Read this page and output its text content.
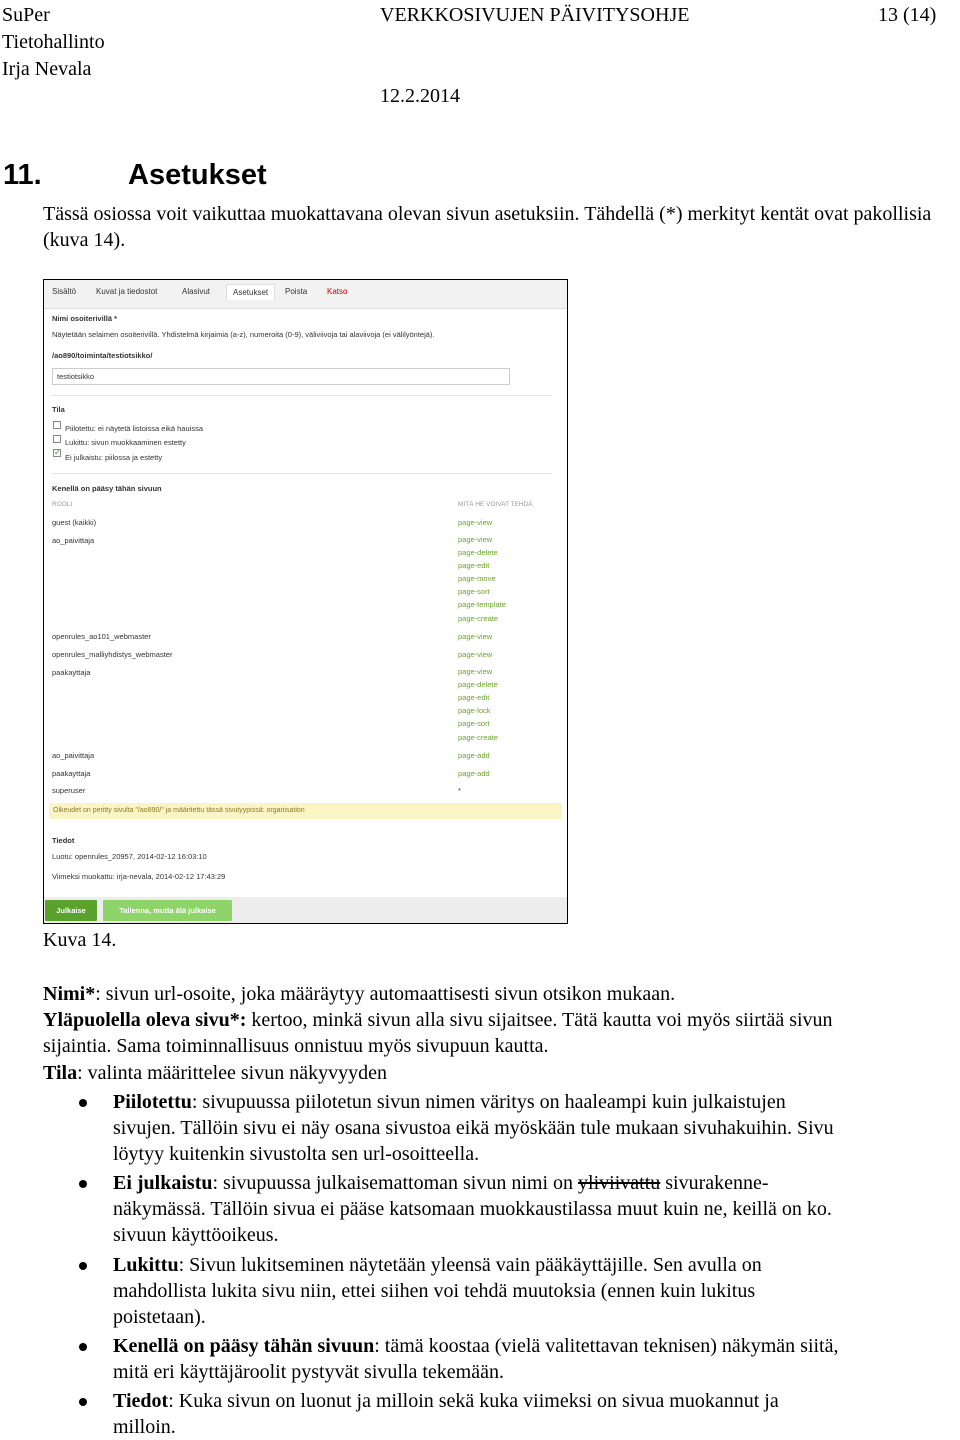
SuPer
Tietohallinto
Irja Nevala
VERKKOSIVUJEN PÄIVITYSOHJE	13 (14)
12.2.2014
11.	Asetukset
Tässä osiossa voit vaikuttaa muokattavana olevan sivun asetuksiin. Tähdellä (*) merkityt kentät ovat pakollisia (kuva 14).
Sisältö Kuvat ja tiedostot	Alasivut	Asetukset	Poista Katso
Nimi osoiterivillä *
Näytetään selaimen osoiterivillä. Yhdistelmä kirjaimia (a-z), numeroita (0-9), väliviivoja tai alaviivoja (ei välilyöntejä).
/ao890/toiminta/testiotsikko/
testiotsikko
Tila
Piilotettu: ei näytetä listoissa eikä hauissa
Lukittu: sivun muokkaaminen estetty
✓
Ei julkaistu: piilossa ja estetty
Kenellä on pääsy tähän sivuun
ROOLI	MITÄ HE VOIVAT TEHDÄ
guest (kaikki)	page-view
ao_paivittaja	page-view
page-delete
page-edit
page-move
page-sort
page-template
page-create
openrules_ao101_webmaster	page-view
openrules_malliyhdistys_webmaster	page-view
paakayttaja	page-view
page-delete
page-edit
page-lock
page-sort
page-create
ao_paivittaja	page-add
paakayttaja	page-add
superuser	*
Oikeudet on peritty sivulta "/ao890/" ja määritettu tässä sivutyypissä: organisation
Tiedot
Luotu: openrules_20957, 2014-02-12 16:03:10
Viimeksi muokattu: irja-nevala, 2014-02-12 17:43:29
Julkaise	Tallenna, mutta älä julkaise
Kuva 14.
Nimi*: sivun url-osoite, joka määräytyy automaattisesti sivun otsikon mukaan.
Yläpuolella oleva sivu*: kertoo, minkä sivun alla sivu sijaitsee. Tätä kautta voi myös siirtää sivun
sijaintia. Sama toiminnallisuus onnistuu myös sivupuun kautta.
Tila: valinta määrittelee sivun näkyvyyden
Piilotettu: sivupuussa piilotetun sivun nimen väritys on haaleampi kuin julkaistujen
sivujen. Tällöin sivu ei näy osana sivustoa eikä myöskään tule mukaan sivuhakuihin. Sivu
löytyy kuitenkin sivustolta sen url-osoitteella.
Ei julkaistu: sivupuussa julkaisemattoman sivun nimi on yliviivattu sivurakenne-
näkymässä. Tällöin sivua ei pääse katsomaan muokkaustilassa muut kuin ne, keillä on ko.
sivuun käyttöoikeus.
Lukittu: Sivun lukitseminen näytetään yleensä vain pääkäyttäjille. Sen avulla on
mahdollista lukita sivu niin, ettei siihen voi tehdä muutoksia (ennen kuin lukitus
poistetaan).
Kenellä on pääsy tähän sivuun: tämä koostaa (vielä valitettavan teknisen) näkymän siitä,
mitä eri käyttäjäroolit pystyvät sivulla tekemään.
Tiedot: Kuka sivun on luonut ja milloin sekä kuka viimeksi on sivua muokannut ja
milloin.
